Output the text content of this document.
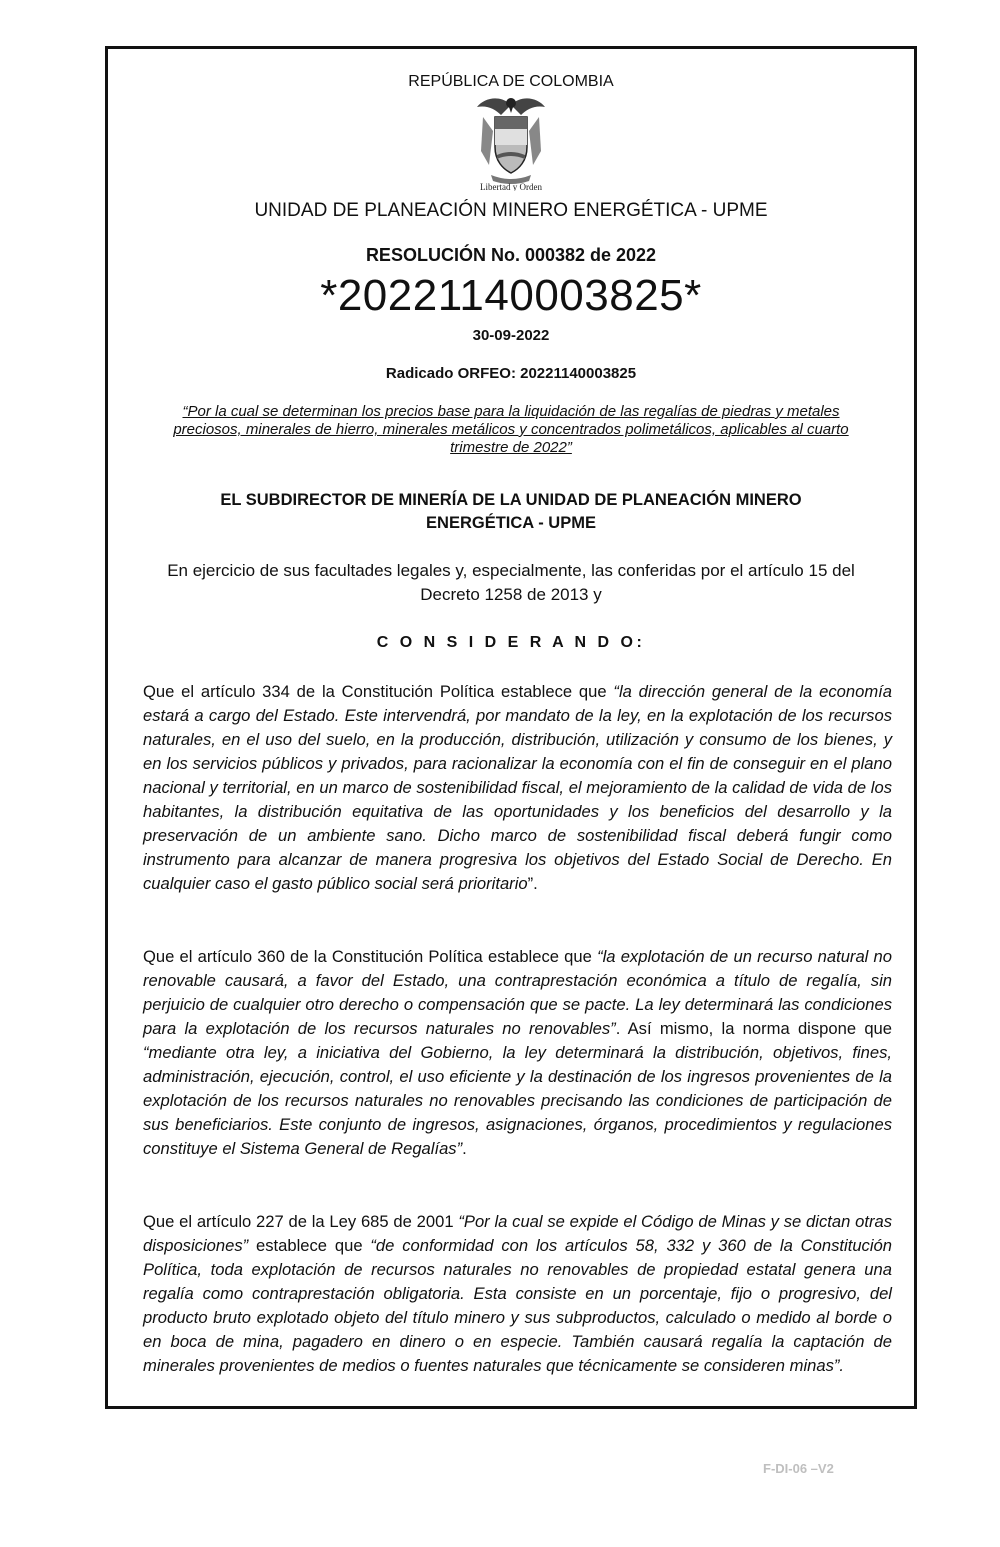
REPÚBLICA DE COLOMBIA
Libertad y Orden
UNIDAD DE PLANEACIÓN MINERO ENERGÉTICA - UPME
RESOLUCIÓN No. 000382 de 2022
*20221140003825*
30-09-2022
Radicado ORFEO: 20221140003825
“Por la cual se determinan los precios base para la liquidación de las regalías de piedras y metales preciosos, minerales de hierro, minerales metálicos y concentrados polimetálicos, aplicables al cuarto trimestre de 2022”
EL SUBDIRECTOR DE MINERÍA DE LA UNIDAD DE PLANEACIÓN MINERO ENERGÉTICA - UPME
En ejercicio de sus facultades legales y, especialmente, las conferidas por el artículo 15 del Decreto 1258 de 2013 y
C O N S I D E R A N D O:
Que el artículo 334 de la Constitución Política establece que “la dirección general de la economía estará a cargo del Estado. Este intervendrá, por mandato de la ley, en la explotación de los recursos naturales, en el uso del suelo, en la producción, distribución, utilización y consumo de los bienes, y en los servicios públicos y privados, para racionalizar la economía con el fin de conseguir en el plano nacional y territorial, en un marco de sostenibilidad fiscal, el mejoramiento de la calidad de vida de los habitantes, la distribución equitativa de las oportunidades y los beneficios del desarrollo y la preservación de un ambiente sano. Dicho marco de sostenibilidad fiscal deberá fungir como instrumento para alcanzar de manera progresiva los objetivos del Estado Social de Derecho. En cualquier caso el gasto público social será prioritario”.
Que el artículo 360 de la Constitución Política establece que “la explotación de un recurso natural no renovable causará, a favor del Estado, una contraprestación económica a título de regalía, sin perjuicio de cualquier otro derecho o compensación que se pacte. La ley determinará las condiciones para la explotación de los recursos naturales no renovables”. Así mismo, la norma dispone que “mediante otra ley, a iniciativa del Gobierno, la ley determinará la distribución, objetivos, fines, administración, ejecución, control, el uso eficiente y la destinación de los ingresos provenientes de la explotación de los recursos naturales no renovables precisando las condiciones de participación de sus beneficiarios. Este conjunto de ingresos, asignaciones, órganos, procedimientos y regulaciones constituye el Sistema General de Regalías”.
Que el artículo 227 de la Ley 685 de 2001 “Por la cual se expide el Código de Minas y se dictan otras disposiciones” establece que “de conformidad con los artículos 58, 332 y 360 de la Constitución Política, toda explotación de recursos naturales no renovables de propiedad estatal genera una regalía como contraprestación obligatoria. Esta consiste en un porcentaje, fijo o progresivo, del producto bruto explotado objeto del título minero y sus subproductos, calculado o medido al borde o en boca de mina, pagadero en dinero o en especie. También causará regalía la captación de minerales provenientes de medios o fuentes naturales que técnicamente se consideren minas”.
F-DI-06 –V2
